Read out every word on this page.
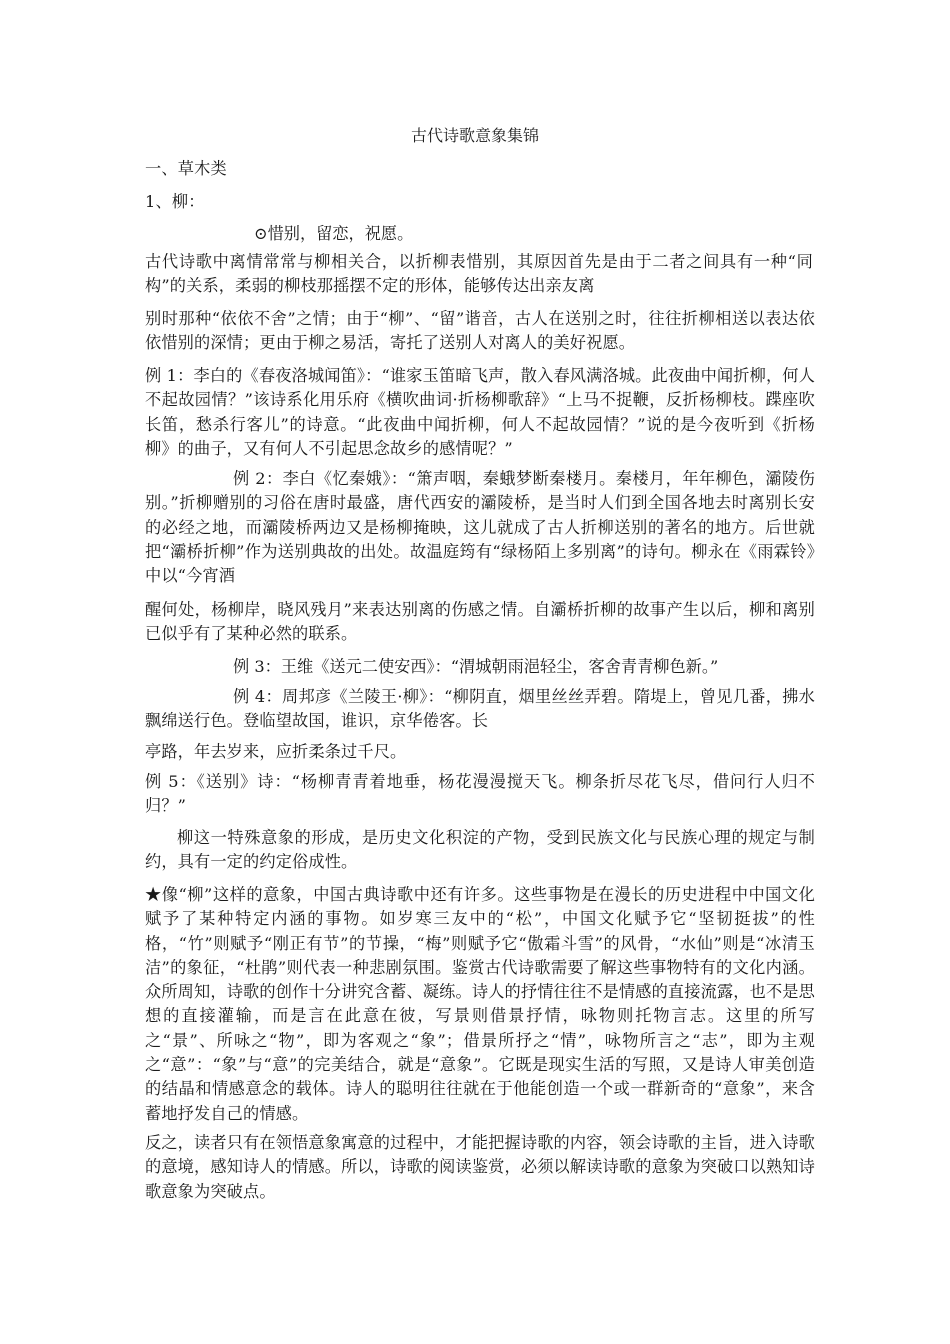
古代诗歌意象集锦
一、草木类
1、柳：
⊙惜别，留恋，祝愿。
古代诗歌中离情常常与柳相关合，以折柳表惜别，其原因首先是由于二者之间具有一种“同构”的关系，柔弱的柳枝那摇摆不定的形体，能够传达出亲友离
别时那种“依依不舍”之情；由于“柳”、“留”谐音，古人在送别之时，往往折柳相送以表达依依惜别的深情；更由于柳之易活，寄托了送别人对离人的美好祝愿。
例 1：李白的《春夜洛城闻笛》：“谁家玉笛暗飞声，散入春风满洛城。此夜曲中闻折柳，何人不起故园情？”该诗系化用乐府《横吹曲词·折杨柳歌辞》“上马不捉鞭，反折杨柳枝。蹀座吹长笛，愁杀行客儿”的诗意。“此夜曲中闻折柳，何人不起故园情？”说的是今夜听到《折杨柳》的曲子，又有何人不引起思念故乡的感情呢？”
例 2：李白《忆秦娥》：“箫声咽，秦蛾梦断秦楼月。秦楼月，年年柳色，灞陵伤别。”折柳赠别的习俗在唐时最盛，唐代西安的灞陵桥，是当时人们到全国各地去时离别长安的必经之地，而灞陵桥两边又是杨柳掩映，这儿就成了古人折柳送别的著名的地方。后世就把“灞桥折柳”作为送别典故的出处。故温庭筠有“绿杨陌上多别离”的诗句。柳永在《雨霖铃》中以“今宵酒
醒何处，杨柳岸，晓风残月”来表达别离的伤感之情。自灞桥折柳的故事产生以后，柳和离别已似乎有了某种必然的联系。
例 3：王维《送元二使安西》：“渭城朝雨浥轻尘，客舍青青柳色新。”
例 4：周邦彦《兰陵王·柳》：“柳阴直，烟里丝丝弄碧。隋堤上，曾见几番，拂水飘绵送行色。登临望故国，谁识，京华倦客。长
亭路，年去岁来，应折柔条过千尺。
例 5：《送别》诗：“杨柳青青着地垂，杨花漫漫搅天飞。柳条折尽花飞尽，借问行人归不归？”
柳这一特殊意象的形成，是历史文化积淀的产物，受到民族文化与民族心理的规定与制约，具有一定的约定俗成性。
★像“柳”这样的意象，中国古典诗歌中还有许多。这些事物是在漫长的历史进程中中国文化赋予了某种特定内涵的事物。如岁寒三友中的“松”，中国文化赋予它“坚韧挺拔”的性格，“竹”则赋予“刚正有节”的节操，“梅”则赋予它“傲霜斗雪”的风骨，“水仙”则是“冰清玉洁”的象征，“杜鹃”则代表一种悲剧氛围。鉴赏古代诗歌需要了解这些事物特有的文化内涵。众所周知，诗歌的创作十分讲究含蓄、凝练。诗人的抒情往往不是情感的直接流露，也不是思想的直接灌输，而是言在此意在彼，写景则借景抒情，咏物则托物言志。这里的所写之“景”、所咏之“物”，即为客观之“象”；借景所抒之“情”，咏物所言之“志”，即为主观之“意”：“象”与“意”的完美结合，就是“意象”。它既是现实生活的写照，又是诗人审美创造的结晶和情感意念的载体。诗人的聪明往往就在于他能创造一个或一群新奇的“意象”，来含蓄地抒发自己的情感。
反之，读者只有在领悟意象寓意的过程中，才能把握诗歌的内容，领会诗歌的主旨，进入诗歌的意境，感知诗人的情感。所以，诗歌的阅读鉴赏，必须以解读诗歌的意象为突破口以熟知诗歌意象为突破点。
